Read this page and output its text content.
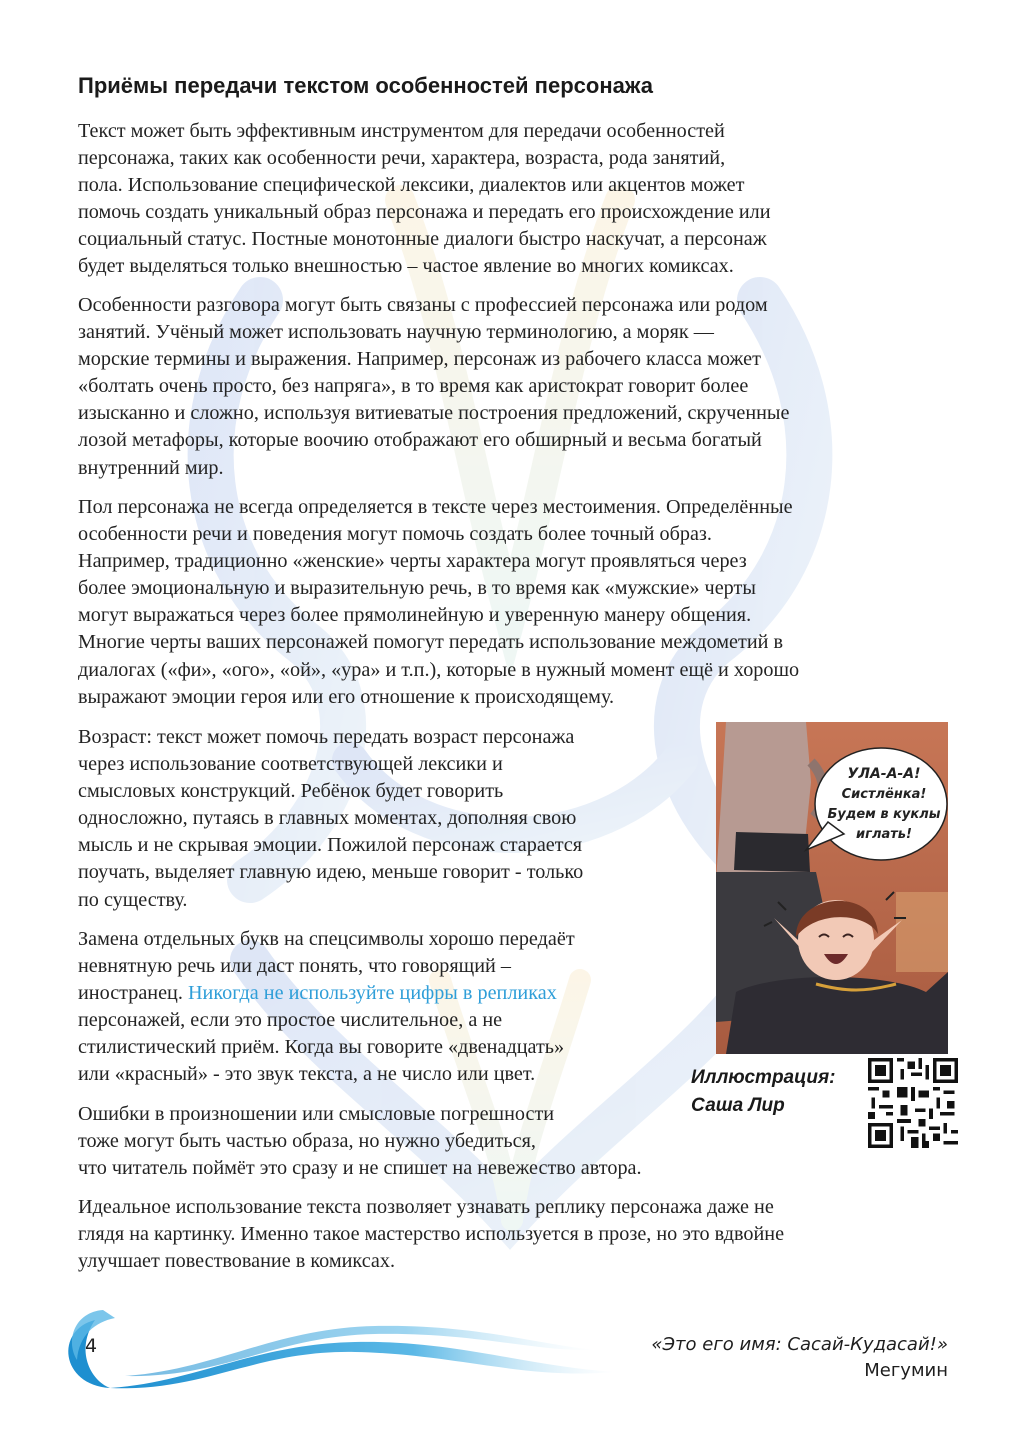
Приёмы передачи текстом особенностей персонажа
Текст может быть эффективным инструментом для передачи особенностей
персонажа, таких как особенности речи, характера, возраста, рода занятий,
пола. Использование специфической лексики, диалектов или акцентов может
помочь создать уникальный образ персонажа и передать его происхождение или
социальный статус. Постные монотонные диалоги быстро наскучат, а персонаж
будет выделяться только внешностью – частое явление во многих комиксах.
Особенности разговора могут быть связаны с профессией персонажа или родом
занятий. Учёный может использовать научную терминологию, а моряк —
морские термины и выражения. Например, персонаж из рабочего класса может
«болтать очень просто, без напряга», в то время как аристократ говорит более
изысканно и сложно, используя витиеватые построения предложений, скрученные
лозой метафоры, которые воочию отображают его обширный и весьма богатый
внутренний мир.
Пол персонажа не всегда определяется в тексте через местоимения. Определённые
особенности речи и поведения могут помочь создать более точный образ.
Например, традиционно «женские» черты характера могут проявляться через
более эмоциональную и выразительную речь, в то время как «мужские» черты
могут выражаться через более прямолинейную и уверенную манеру общения.
Многие черты ваших персонажей помогут передать использование междометий в
диалогах («фи», «ого», «ой», «ура» и т.п.), которые в нужный момент ещё и хорошо
выражают эмоции героя или его отношение к происходящему.
Возраст: текст может помочь передать возраст персонажа
через использование соответствующей лексики и
смысловых конструкций. Ребёнок будет говорить
односложно, путаясь в главных моментах, дополняя свою
мысль и не скрывая эмоции. Пожилой персонаж старается
поучать, выделяет главную идею, меньше говорит - только
по существу.
Замена отдельных букв на спецсимволы хорошо передаёт
невнятную речь или даст понять, что говорящий –
иностранец. Никогда не используйте цифры в репликах
персонажей, если это простое числительное, а не
стилистический приём. Когда вы говорите «двенадцать»
или «красный» - это звук текста, а не число или цвет.
Ошибки в произношении или смысловые погрешности
тоже могут быть частью образа, но нужно убедиться,
что читатель поймёт это сразу и не спишет на невежество автора.
Идеальное использование текста позволяет узнавать реплику персонажа даже не
глядя на картинку. Именно такое мастерство используется в прозе, но это вдвойне
улучшает повествование в комиксах.
УЛА-А-А!
Систлёнка!
Будем в куклы
иглать!
Иллюстрация:
Саша Лир
4	«Это его имя: Сасай-Кудасай!»
Мегумин
